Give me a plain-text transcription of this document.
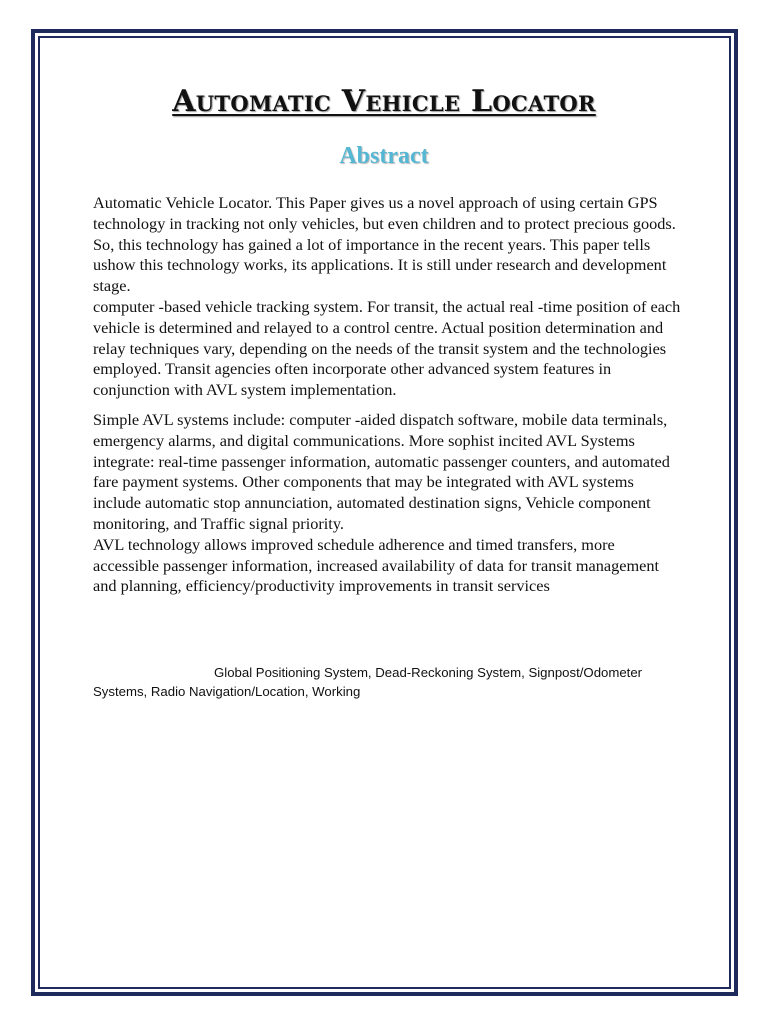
Automatic Vehicle Locator
Abstract

Automatic Vehicle Locator. This Paper gives us a novel approach of using certain GPS technology in tracking not only vehicles, but even children and to protect precious goods.

So, this technology has gained a lot of importance in the recent years. This paper tells ushow this technology works, its applications. It is still under research and development stage.

computer -based vehicle tracking system. For transit, the actual real -time position of each vehicle is determined and relayed to a control centre. Actual position determination and relay techniques vary, depending on the needs of the transit system and the technologies employed. Transit agencies often incorporate other advanced system features in conjunction with AVL system implementation.

Simple AVL systems include: computer -aided dispatch software, mobile data terminals, emergency alarms, and digital communications. More sophist incited AVL Systems integrate: real-time passenger information, automatic passenger counters, and automated fare payment systems. Other components that may be integrated with AVL systems include automatic stop annunciation, automated destination signs, Vehicle component monitoring, and Traffic signal priority.

AVL technology allows improved schedule adherence and timed transfers, more accessible passenger information, increased availability of data for transit management and planning, efficiency/productivity improvements in transit services

Global Positioning System, Dead-Reckoning System, Signpost/Odometer Systems, Radio Navigation/Location, Working
